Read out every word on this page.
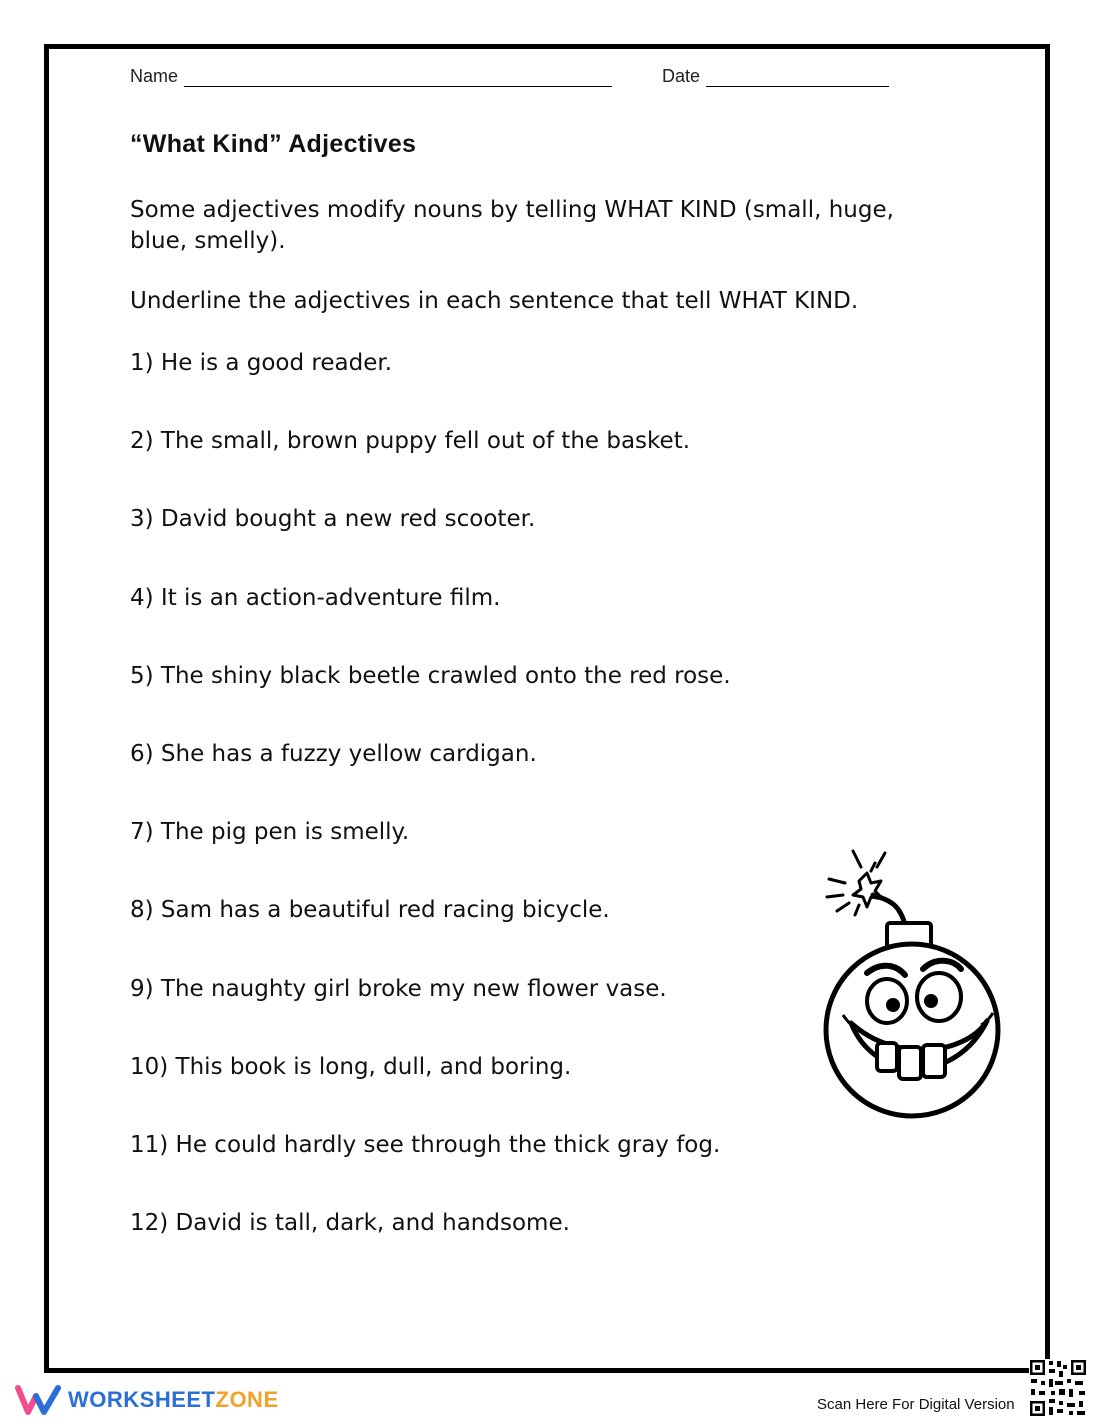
Name	Date
“What Kind” Adjectives
Some adjectives modify nouns by telling WHAT KIND (small, huge, blue, smelly).
Underline the adjectives in each sentence that tell WHAT KIND.
1) He is a good reader.
2) The small, brown puppy fell out of the basket.
3) David bought a new red scooter.
4) It is an action-adventure film.
5) The shiny black beetle crawled onto the red rose.
6) She has a fuzzy yellow cardigan.
7) The pig pen is smelly.
8) Sam has a beautiful red racing bicycle.
9) The naughty girl broke my new flower vase.
10) This book is long, dull, and boring.
11) He could hardly see through the thick gray fog.
12) David is tall, dark, and handsome.
WORKSHEETZONE	Scan Here For Digital Version
